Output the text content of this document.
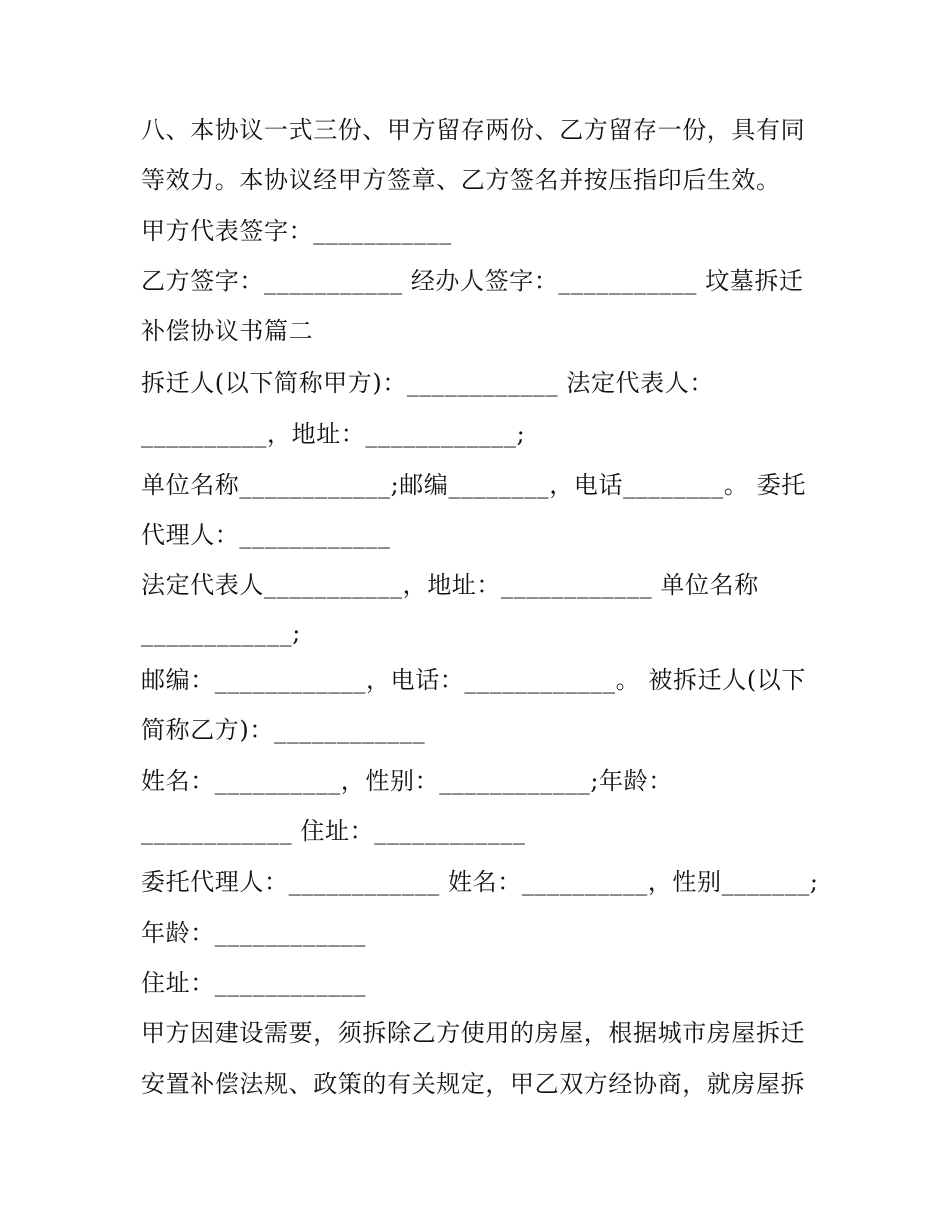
八、本协议一式三份、甲方留存两份、乙方留存一份，具有同
等效力。本协议经甲方签章、乙方签名并按压指印后生效。
甲方代表签字：___________
乙方签字：___________ 经办人签字：___________ 坟墓拆迁
补偿协议书篇二
拆迁人(以下简称甲方)：____________ 法定代表人：
__________，地址：____________;
单位名称____________;邮编________，电话________。 委托
代理人：____________
法定代表人___________，地址：____________ 单位名称
____________;
邮编：____________，电话：____________。 被拆迁人(以下
简称乙方)：____________
姓名：__________，性别：____________;年龄：
____________ 住址：____________
委托代理人：____________ 姓名：__________，性别_______;
年龄：____________
住址：____________
甲方因建设需要，须拆除乙方使用的房屋，根据城市房屋拆迁
安置补偿法规、政策的有关规定，甲乙双方经协商，就房屋拆
